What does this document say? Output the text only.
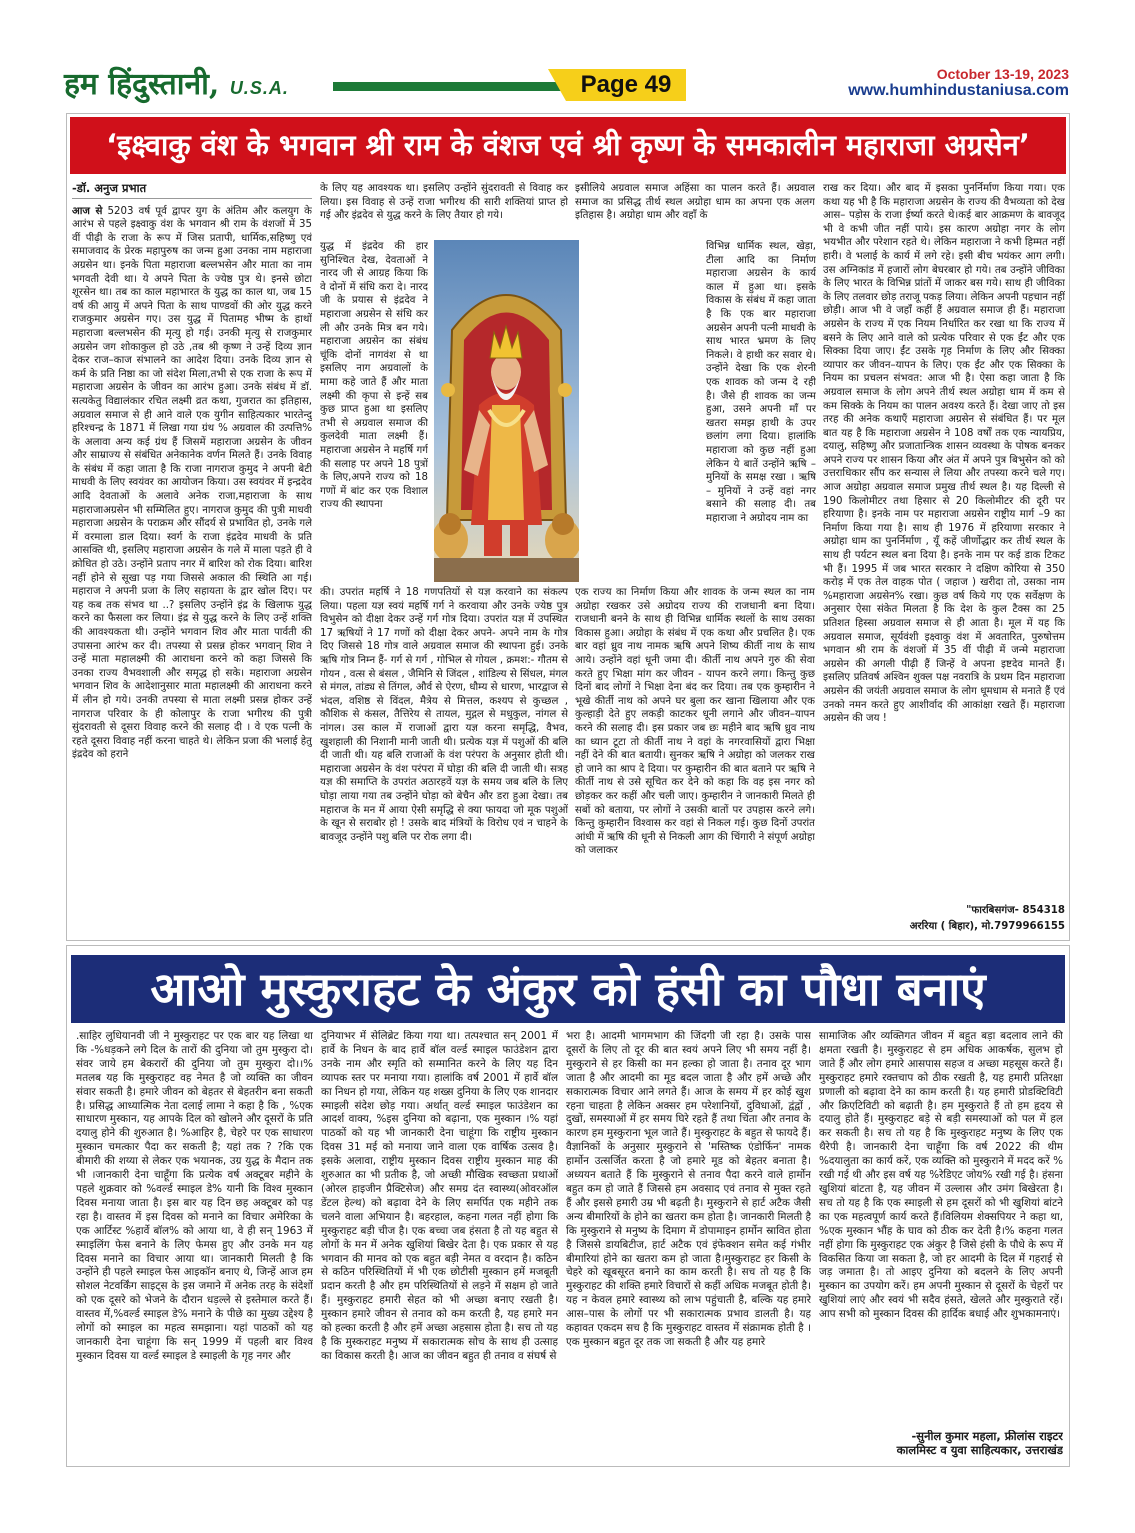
हम हिंदुस्तानी, U.S.A.	Page 49	October 13-19, 2023
www.humhindustaniusa.com
‘इक्ष्वाकु वंश के भगवान श्री राम के वंशज एवं श्री कृष्ण के समकालीन महाराजा अग्रसेन’

-डॉ. अनुज प्रभात

आज से 5203 वर्ष पूर्व द्वापर युग के अंतिम और कलयुग के आरंभ से पहले इक्ष्वाकु वंश के भगवान श्री राम के वंशजों में 35 वीं पीढ़ी के राजा के रूप में जिस प्रतापी, धार्मिक,सहिष्णु एवं समाजवाद के प्रेरक महापुरुष का जन्म हुआ उनका नाम महाराजा अग्रसेन था। इनके पिता महाराजा बल्लभसेन और माता का नाम भगवती देवी था। ये अपने पिता के ज्येष्ठ पुत्र थे। इनसे छोटा शूरसेन था। तब का काल महाभारत के युद्ध का काल था, जब 15 वर्ष की आयु में अपने पिता के साथ पाण्डवों की ओर युद्ध करने राजकुमार अग्रसेन गए। उस युद्ध में पितामह भीष्म के हाथों महाराजा बल्लभसेन की मृत्यु हो गई। उनकी मृत्यु से राजकुमार अग्रसेन जग शोकाकुल हो उठे ,तब श्री कृष्ण ने उन्हें दिव्य ज्ञान देकर राज–काज संभालने का आदेश दिया। उनके दिव्य ज्ञान से कर्म के प्रति निष्ठा का जो संदेश मिला,तभी से एक राजा के रूप में महाराजा अग्रसेन के जीवन का आरंभ हुआ। उनके संबंध में डॉ. सत्यकेतु विद्यालंकार रचित लक्ष्मी व्रत कथा, गुजरात का इतिहास, अग्रवाल समाज से ही आने वाले एक युगीन साहित्यकार भारतेन्दु हरिश्चन्द्र के 1871 में लिखा गया ग्रंथ % अग्रवाल की उत्पत्ति% के अलावा अन्य कई ग्रंथ हैं जिसमें महाराजा अग्रसेन के जीवन और साम्राज्य से संबंधित अनेकानेक वर्णन मिलते हैं। उनके विवाह के संबंध में कहा जाता है कि राजा नागराज कुमुद ने अपनी बेटी माधवी के लिए स्वयंवर का आयोजन किया। उस स्वयंवर में इन्द्रदेव आदि देवताओं के अलावे अनेक राजा,महाराजा के साथ महाराजाअग्रसेन भी सम्मिलित हुए। नागराज कुमुद की पुत्री माधवी महाराजा अग्रसेन के पराक्रम और सौंदर्य से प्रभावित हो, उनके गले में वरमाला डाल दिया। स्वर्ग के राजा इंद्रदेव माधवी के प्रति आसक्ति थी, इसलिए महाराजा अग्रसेन के गले में माला पड़ते ही वे क्रोधित हो उठे। उन्होंने प्रताप नगर में बारिश को रोक दिया। बारिश नहीं होने से सूखा पड़ गया जिससे अकाल की स्थिति आ गई। महाराज ने अपनी प्रजा के लिए सहायता के द्वार खोल दिए। पर यह कब तक संभव था ..? इसलिए उन्होंने इंद्र के खिलाफ युद्ध करने का फैसला कर लिया। इंद्र से युद्ध करने के लिए उन्हें शक्ति की आवश्यकता थी। उन्होंने भगवान शिव और माता पार्वती की उपासना आरंभ कर दी। तपस्या से प्रसन्न होकर भगवान् शिव ने उन्हें माता महालक्ष्मी की आराधना करने को कहा जिससे कि उनका राज्य वैभवशाली और समृद्ध हो सके। महाराजा अग्रसेन भगवान शिव के आदेशानुसार माता महालक्ष्मी की आराधना करने में लीन हो गये। उनकी तपस्या से माता लक्ष्मी प्रसन्न होकर उन्हें नागराज परिवार के ही कोलापुर के राजा भगीरथ की पुत्री सुंदरावती से दूसरा विवाह करने की सलाह दी । वे एक पत्नी के रहते दूसरा विवाह नहीं करना चाहते थे। लेकिन प्रजा की भलाई हेतु इंद्रदेव को हराने

के लिए यह आवश्यक था। इसलिए उन्होंने सुंदरावती से विवाह कर लिया। इस विवाह से उन्हें राजा भगीरथ की सारी शक्तियां प्राप्त हो गई और इंद्रदेव से युद्ध करने के लिए तैयार हो गये।

युद्ध में इंद्रदेव की हार सुनिश्चित देख, देवताओं ने नारद जी से आग्रह किया कि वे दोनों में संधि करा दे। नारद जी के प्रयास से इंद्रदेव ने महाराजा अग्रसेन से संधि कर ली और उनके मित्र बन गये। महाराजा अग्रसेन का संबंध चूंकि दोनों नागवंश से था इसलिए नाग अग्रवालों के मामा कहे जाते हैं और माता लक्ष्मी की कृपा से इन्हें सब कुछ प्राप्त हुआ था इसलिए तभी से अग्रवाल समाज की कुलदेवी माता लक्ष्मी हैं। महाराजा अग्रसेन ने महर्षि गर्ग की सलाह पर अपने 18 पुत्रों के लिए,अपने राज्य को 18 गणों में बांट कर एक विशाल राज्य की स्थापना

की। उपरांत महर्षि ने 18 गणपतियों से यज्ञ करवाने का संकल्प लिया। पहला यज्ञ स्वयं महर्षि गर्ग ने करवाया और उनके ज्येष्ठ पुत्र विभुसेन को दीक्षा देकर उन्हें गर्ग गोत्र दिया। उपरांत यज्ञ में उपस्थित 17 ऋषियों ने 17 गणों को दीक्षा देकर अपने- अपने नाम के गोत्र दिए जिससे 18 गोत्र वाले अग्रवाल समाज की स्थापना हुई। उनके ऋषि गोत्र निम्न हैं- गर्ग से गर्ग , गोभिल से गोयल , क्रमश:- गौतम से गोयन , वत्स से बंसल , जैमिनि से जिंदल , शांडिल्य से सिंधल, मंगल से मंगल, तांड्य से तिंगल, और्व से ऐरण, धौम्य से धारण, भारद्वाज से भंदल, वशिष्ठ से विंदल, मैत्रेय से मित्तल, कश्यप से कुच्छल , कौशिक से कंसल, तैत्तिरेय से तायल, मुद्गल से मधुकुल, नांगल से नांगल। उस काल में राजाओं द्वारा यज्ञ करना समृद्धि, वैभव, खुशहाली की निशानी मानी जाती थी। प्रत्येक यज्ञ में पशुओं की बलि दी जाती थी। यह बलि राजाओं के वंश परंपरा के अनुसार होती थी। महाराजा अग्रसेन के वंश परंपरा में घोड़ा की बलि दी जाती थी। सत्रह यज्ञ की समाप्ति के उपरांत अठारहवें यज्ञ के समय जब बलि के लिए घोड़ा लाया गया तब उन्होंने घोड़ा को बेचैन और डरा हुआ देखा। तब महाराज के मन में आया ऐसी समृद्धि से क्या फायदा जो मूक पशुओं के खून से सराबोर हो ! उसके बाद मंत्रियों के विरोध एवं न चाहने के बावजूद उन्होंने पशु बलि पर रोक लगा दी।

इसीलिये अग्रवाल समाज अहिंसा का पालन करते हैं। अग्रवाल समाज का प्रसिद्ध तीर्थ स्थल अग्रोहा धाम का अपना एक अलग इतिहास है। अग्रोहा धाम और वहाँ के

विभिन्न धार्मिक स्थल, खेड़ा, टीला आदि का निर्माण महाराजा अग्रसेन के कार्य काल में हुआ था। इसके विकास के संबंध में कहा जाता है कि एक बार महाराजा अग्रसेन अपनी पत्नी माधवी के साथ भारत भ्रमण के लिए निकले। वे हाथी कर सवार थे। उन्होंने देखा कि एक शेरनी एक शावक को जन्म दे रही है। जैसे ही शावक का जन्म हुआ, उसने अपनी माँ पर खतरा समझ हाथी के उपर छलांग लगा दिया। हालांकि महाराजा को कुछ नहीं हुआ लेकिन ये बातें उन्होंने ऋषि –मुनियों के समक्ष रखा । ऋषि – मुनियों ने उन्हें वहां नगर बसाने की सलाह दी। तब महाराजा ने अग्रोदय नाम का

एक राज्य का निर्माण किया और शावक के जन्म स्थल का नाम अग्रोहा रखकर उसे अग्रोदय राज्य की राजधानी बना दिया। राजधानी बनने के साथ ही विभिन्न धार्मिक स्थलों के साथ उसका विकास हुआ। अग्रोहा के संबंध में एक कथा और प्रचलित है। एक बार वहां ध्रुव नाथ नामक ऋषि अपने शिष्य कीर्ती नाथ के साथ आये। उन्होंने वहां धूनी जमा दी। कीर्ती नाथ अपने गुरु की सेवा करते हुए भिक्षा मांग कर जीवन - यापन करने लगा। किन्तु कुछ दिनों बाद लोगों ने भिक्षा देना बंद कर दिया। तब एक कुम्हारीन ने भूखे कीर्ती नाथ को अपने घर बुला कर खाना खिलाया और एक कुल्हाड़ी देते हुए लकड़ी काटकर धूनी लगाने और जीवन–यापन करने की सलाह दी। इस प्रकार जब छः महीने बाद ऋषि ध्रुव नाथ का ध्यान टूटा तो कीर्ती नाथ ने वहां के नगरवासियों द्वारा भिक्षा नहीं देने की बात बतायी। सुनकर ऋषि ने अग्रोहा को जलकर राख हो जाने का श्राप दे दिया। पर कुम्हारीन की बात बताने पर ऋषि ने कीर्ती नाथ से उसे सूचित कर देने को कहा कि वह इस नगर को छोड़कर कर कहीं और चली जाए। कुम्हारीन ने जानकारी मिलते ही सबों को बताया, पर लोगों ने उसकी बातों पर उपहास करने लगे। किन्तु कुम्हारीन विश्वास कर वहां से निकल गई। कुछ दिनों उपरांत आंधी में ऋषि की धूनी से निकली आग की चिंगारी ने संपूर्ण अग्रोहा को जलाकर

राख कर दिया। और बाद में इसका पुनर्निर्माण किया गया। एक कथा यह भी है कि महाराजा अग्रसेन के राज्य की वैभव्यता को देख आस– पड़ोस के राजा ईर्ष्या करते थे।कई बार आक्रमण के बावजूद भी वे कभी जीत नहीं पाये। इस कारण अग्रोहा नगर के लोग भयभीत और परेशान रहते थे। लेकिन महाराजा ने कभी हिम्मत नहीं हारी। वे भलाई के कार्य में लगे रहे। इसी बीच भयंकर आग लगी। उस अग्निकांड में हजारों लोग बेघरबार हो गये। तब उन्होंने जीविका के लिए भारत के विभिन्न प्रांतों में जाकर बस गये। साथ ही जीविका के लिए तलवार छोड़ तराजू पकड़ लिया। लेकिन अपनी पहचान नहीं छोड़ी। आज भी वे जहाँ कहीं हैं अग्रवाल समाज ही हैं। महाराजा अग्रसेन के राज्य में एक नियम निर्धारित कर रखा था कि राज्य में बसने के लिए आने वाले को प्रत्येक परिवार से एक ईंट और एक सिक्का दिया जाए। ईंट उसके गृह निर्माण के लिए और सिक्का व्यापार कर जीवन–यापन के लिए। एक ईंट और एक सिक्का के नियम का प्रचलन संभवत: आज भी है। ऐसा कहा जाता है कि अग्रवाल समाज के लोग अपने तीर्थ स्थल अग्रोहा धाम में कम से कम सिक्के के नियम का पालन अवश्य करते हैं। देखा जाए तो इस तरह की अनेक कथाएँ महाराजा अग्रसेन से संबंधित हैं। पर मूल बात यह है कि महाराजा अग्रसेन ने 108 वर्षों तक एक न्यायप्रिय, दयालु, सहिष्णु और प्रजातान्त्रिक शासन व्यवस्था के पोषक बनकर अपने राज्य पर शासन किया और अंत में अपने पुत्र बिभुसेन को को उत्तराधिकार सौंप कर सन्यास ले लिया और तपस्या करने चले गए। आज अग्रोहा अग्रवाल समाज प्रमुख तीर्थ स्थल है। यह दिल्ली से 190 किलोमीटर तथा हिसार से 20 किलोमीटर की दूरी पर हरियाणा है। इनके नाम पर महाराजा अग्रसेन राष्ट्रीय मार्ग –9 का निर्माण किया गया है। साथ ही 1976 में हरियाणा सरकार ने अग्रोहा धाम का पुनर्निर्माण , यूँ कहें जीर्णोद्धार कर तीर्थ स्थल के साथ ही पर्यटन स्थल बना दिया है। इनके नाम पर कई डाक टिकट भी हैं। 1995 में जब भारत सरकार ने दक्षिण कोरिया से 350 करोड़ में एक तेल वाहक पोत ( जहाज ) खरीदा तो, उसका नाम %महाराजा अग्रसेन% रखा। कुछ वर्ष किये गए एक सर्वेक्षण के अनुसार ऐसा संकेत मिलता है कि देश के कुल टैक्स का 25 प्रतिशत हिस्सा अग्रवाल समाज से ही आता है। मूल में यह कि अग्रवाल समाज, सूर्यवंशी इक्ष्वाकु वंश में अवतारित, पुरुषोत्तम भगवान श्री राम के वंशजों में 35 वीं पीढ़ी में जन्मे महाराजा अग्रसेन की अगली पीढ़ी हैं जिन्हें वे अपना इष्टदेव मानते हैं। इसलिए प्रतिवर्ष अश्विन शुक्ल पक्ष नवरात्रि के प्रथम दिन महाराजा अग्रसेन की जयंती अग्रवाल समाज के लोग धूमधाम से मनाते हैं एवं उनको नमन करते हुए आशीर्वाद की आकांक्षा रखते हैं। महाराजा अग्रसेन की जय !

"फारबिसगंज- 854318

अररिया ( बिहार), मो.7979966155

आओ मुस्कुराहट के अंकुर को हंसी का पौधा बनाएं

.साहिर लुधियानवी जी ने मुस्कुराहट पर एक बार यह लिखा था कि -%धड़कने लगे दिल के तारों की दुनिया जो तुम मुस्कुरा दो। संवर जाये हम बेकरारों की दुनिया जो तुम मुस्कुरा दो।।% मतलब यह कि मुस्कुराहट वह नेमत है जो व्यक्ति का जीवन संवार सकती है। हमारे जीवन को बेहतर से बेहतरीन बना सकती है। प्रसिद्ध आध्यात्मिक नेता दलाई लामा ने कहा है कि , %एक साधारण मुस्कान, यह आपके दिल को खोलने और दूसरों के प्रति दयालु होने की शुरुआत है। %आहिर है, चेहरे पर एक साधारण मुस्कान चमत्कार पैदा कर सकती है; यहां तक ? ?कि एक बीमारी की शय्या से लेकर एक भयानक, उग्र युद्ध के मैदान तक भी ।जानकारी देना चाहूँगा कि प्रत्येक वर्ष अक्टूबर महीने के पहले शुक्रवार को %वर्ल्ड स्माइल डे% यानी कि विश्व मुस्कान दिवस मनाया जाता है। इस बार यह दिन छह अक्टूबर को पड़ रहा है। वास्तव में इस दिवस को मनाने का विचार अमेरिका के एक आर्टिस्ट %हार्वे बॉल% को आया था, वे ही सन् 1963 में स्माइलिंग फेस बनाने के लिए फेमस हुए और उनके मन यह दिवस मनाने का विचार आया था। जानकारी मिलती है कि उन्होंने ही पहले स्माइल फेस आइकॉन बनाए थे, जिन्हें आज हम सोशल नेटवर्किंग साइट्स के इस जमाने में अनेक तरह के संदेशों को एक दूसरे को भेजने के दौरान धड़ल्ले से इस्तेमाल करते हैं। वास्तव में,%वर्ल्ड स्माइल डे% मनाने के पीछे का मुख्य उद्देश्य है लोगों को स्माइल का महत्व समझाना। यहां पाठकों को यह जानकारी देना चाहूंगा कि सन् 1999 में पहली बार विश्व मुस्कान दिवस या वर्ल्ड स्माइल डे स्माइली के गृह नगर और

दुनियाभर में सेलिब्रेट किया गया था। तत्पश्चात सन् 2001 में हार्वे के निधन के बाद हार्वे बॉल वर्ल्ड स्माइल फाउंडेशन द्वारा उनके नाम और स्मृति को सम्मानित करने के लिए यह दिन व्यापक स्तर पर मनाया गया। हालांकि वर्ष 2001 में हार्वे बॉल का निधन हो गया, लेकिन यह शख्स दुनिया के लिए एक शानदार स्माइली संदेश छोड़ गया। अर्थात् वर्ल्ड स्माइल फाउंडेशन का आदर्श वाक्य, %इस दुनिया को बढ़ाना, एक मुस्कान ।% यहां पाठकों को यह भी जानकारी देना चाहूंगा कि राष्ट्रीय मुस्कान दिवस 31 मई को मनाया जाने वाला एक वार्षिक उत्सव है। इसके अलावा, राष्ट्रीय मुस्कान दिवस राष्ट्रीय मुस्कान माह की शुरुआत का भी प्रतीक है, जो अच्छी मौखिक स्वच्छता प्रथाओं (ओरल हाइजीन प्रैक्टिसेज) और समग्र दंत स्वास्थ्य(ओवरऑल डेंटल हेल्थ) को बढ़ावा देने के लिए समर्पित एक महीने तक चलने वाला अभियान है। बहरहाल, कहना गलत नहीं होगा कि मुस्कुराहट बड़ी चीज है। एक बच्चा जब हंसता है तो यह बहुत से लोगों के मन में अनेक खुशियां बिखेर देता है। एक प्रकार से यह भगवान की मानव को एक बहुत बड़ी नेमत व वरदान है। कठिन से कठिन परिस्थितियों में भी एक छोटीसी मुस्कान हमें मजबूती प्रदान करती है और हम परिस्थितियों से लड़ने में सक्षम हो जाते हैं। मुस्कुराहट हमारी सेहत को भी अच्छा बनाए रखती है। मुस्कान हमारे जीवन से तनाव को कम करती है, यह हमारे मन को हल्का करती है और हमें अच्छा अहसास होता है। सच तो यह है कि मुस्कराहट मनुष्य में सकारात्मक सोच के साथ ही उत्साह का विकास करती है। आज का जीवन बहुत ही तनाव व संघर्ष से

भरा है। आदमी भागमभाग की जिंदगी जी रहा है। उसके पास दूसरों के लिए तो दूर की बात स्वयं अपने लिए भी समय नहीं है।मुस्कुराने से हर किसी का मन हल्का हो जाता है। तनाव दूर भाग जाता है और आदमी का मूड बदल जाता है और हमें अच्छे और सकारात्मक विचार आने लगते हैं। आज के समय में हर कोई खुश रहना चाहता है लेकिन अक्सर हम परेशानियों, दुविधाओं, द्वंद्वों , दुखों, समस्याओं में हर समय घिरे रहते हैं तथा चिंता और तनाव के कारण हम मुस्कुराना भूल जाते हैं। मुस्कुराहट के बहुत से फायदे हैं। वैज्ञानिकों के अनुसार मुस्कुराने से 'मस्तिष्क एंडोर्फिन' नामक हार्मोन उत्सर्जित करता है जो हमारे मूड को बेहतर बनाता है। अध्ययन बताते हैं कि मुस्कुराने से तनाव पैदा करने वाले हार्मोन बहुत कम हो जाते हैं जिससे हम अवसाद एवं तनाव से मुक्त रहते हैं और इससे हमारी उम्र भी बढ़ती है। मुस्कुराने से हार्ट अटैक जैसी अन्य बीमारियों के होने का खतरा कम होता है। जानकारी मिलती है कि मुस्कुराने से मनुष्य के दिमाग में डोपामाइन हार्मोन स्रावित होता है जिससे डायबिटीज, हार्ट अटैक एवं इंफेक्शन समेत कई गंभीर बीमारियां होने का खतरा कम हो जाता है।मुस्कुराहट हर किसी के चेहरे को खूबसूरत बनाने का काम करती है। सच तो यह है कि मुस्कुराहट की शक्ति हमारे विचारों से कहीं अधिक मजबूत होती है। यह न केवल हमारे स्वास्थ्य को लाभ पहुंचाती है, बल्कि यह हमारे आस–पास के लोगों पर भी सकारात्मक प्रभाव डालती है। यह कहावत एकदम सच है कि मुस्कुराहट वास्तव में संक्रामक होती है । एक मुस्कान बहुत दूर तक जा सकती है और यह हमारे

सामाजिक और व्यक्तिगत जीवन में बहुत बड़ा बदलाव लाने की क्षमता रखती है। मुस्कुराहट से हम अधिक आकर्षक, सुलभ हो जाते हैं और लोग हमारे आसपास सहज व अच्छा महसूस करते हैं। मुस्कुराहट हमारे रक्तचाप को ठीक रखती है, यह हमारी प्रतिरक्षा प्रणाली को बढ़ावा देने का काम करती है। यह हमारी प्रोडक्टिविटी और क्रिएटिविटी को बढ़ाती है। हम मुस्कुराते हैं तो हम हृदय से दयालु होते हैं। मुस्कुराहट बड़े से बड़ी समस्याओं को पल में हल कर सकती है। सच तो यह है कि मुस्कुराहट मनुष्य के लिए एक थैरेपी है। जानकारी देना चाहूँगा कि वर्ष 2022 की थीम %दयालुता का कार्य करें, एक व्यक्ति को मुस्कुराने में मदद करें % रखी गई थी और इस वर्ष यह %रेडिएट जोय% रखी गई है। हंसना खुशियां बांटता है, यह जीवन में उल्लास और उमंग बिखेरता है। सच तो यह है कि एक स्माइली से हम दूसरों को भी खुशियां बांटने का एक महत्वपूर्ण कार्य करते हैं।विलियम शेक्सपियर ने कहा था, %एक मुस्कान भौंह के घाव को ठीक कर देती है।% कहना गलत नहीं होगा कि मुस्कुराहट एक अंकुर है जिसे हंसी के पौधे के रूप में विकसित किया जा सकता है, जो हर आदमी के दिल में गहराई से जड़ जमाता है। तो आइए दुनिया को बदलने के लिए अपनी मुस्कान का उपयोग करें। हम अपनी मुस्कान से दूसरों के चेहरों पर खुशियां लाएं और स्वयं भी सदैव हंसते, खेलते और मुस्कुराते रहें। आप सभी को मुस्कान दिवस की हार्दिक बधाई और शुभकामनाएं।

-सुनील कुमार महला, फ्रीलांस राइटर
कालमिस्ट व युवा साहित्यकार, उत्तराखंड
